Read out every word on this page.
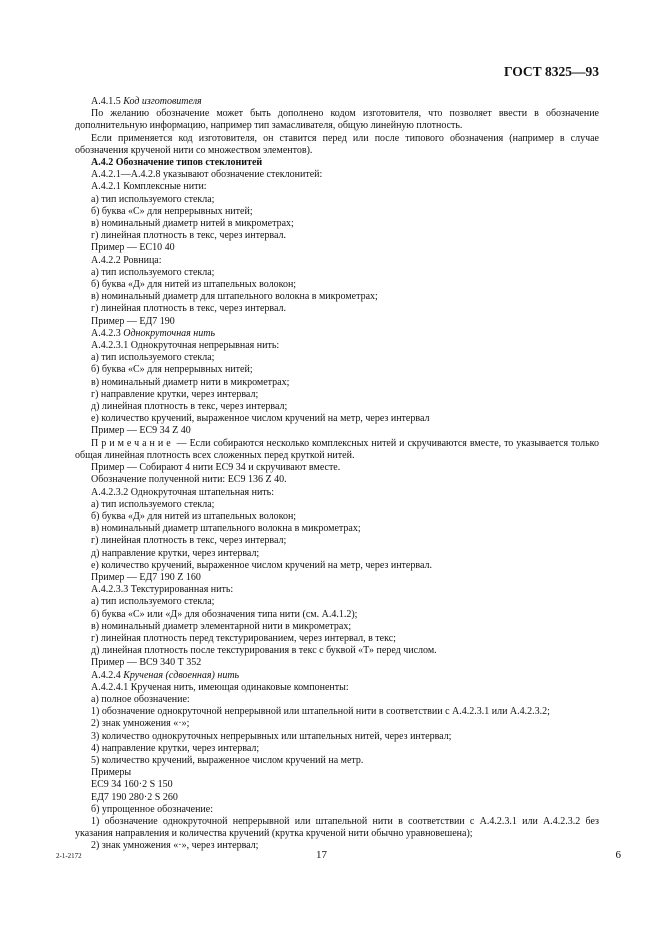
ГОСТ 8325—93

А.4.1.5 Код изготовителя

По желанию обозначение может быть дополнено кодом изготовителя, что позволяет ввести в обозначение дополнительную информацию, например тип замасливателя, общую линейную плотность.

Если применяется код изготовителя, он ставится перед или после типового обозначения (например в случае обозначения крученой нити со множеством элементов).

А.4.2 Обозначение типов стеклонитей

А.4.2.1—А.4.2.8 указывают обозначение стеклонитей:

А.4.2.1 Комплексные нити:

а) тип используемого стекла;

б) буква «С» для непрерывных нитей;

в) номинальный диаметр нитей в микрометрах;

г) линейная плотность в текс, через интервал.

Пример — ЕС10 40

А.4.2.2 Ровница:

а) тип используемого стекла;

б) буква «Д» для нитей из штапельных волокон;

в) номинальный диаметр для штапельного волокна в микрометрах;

г) линейная плотность в текс, через интервал.

Пример — ЕД7 190

А.4.2.3 Однокруточная нить

А.4.2.3.1 Однокруточная непрерывная нить:

а) тип используемого стекла;

б) буква «С» для непрерывных нитей;

в) номинальный диаметр нити в микрометрах;

г) направление крутки, через интервал;

д) линейная плотность в текс, через интервал;

е) количество кручений, выраженное числом кручений на метр, через интервал

Пример — ЕС9 34 Z 40

Примечание — Если собираются несколько комплексных нитей и скручиваются вместе, то указывается только общая линейная плотность всех сложенных перед круткой нитей.

Пример — Собирают 4 нити ЕС9 34 и скручивают вместе.

Обозначение полученной нити: ЕС9 136 Z 40.

А.4.2.3.2 Однокруточная штапельная нить:

а) тип используемого стекла;

б) буква «Д» для нитей из штапельных волокон;

в) номинальный диаметр штапельного волокна в микрометрах;

г) линейная плотность в текс, через интервал;

д) направление крутки, через интервал;

е) количество кручений, выраженное числом кручений на метр, через интервал.

Пример — ЕД7 190 Z 160

А.4.2.3.3 Текстурированная нить:

а) тип используемого стекла;

б) буква «С» или «Д» для обозначения типа нити (см. А.4.1.2);

в) номинальный диаметр элементарной нити в микрометрах;

г) линейная плотность перед текстурированием, через интервал, в текс;

д) линейная плотность после текстурирования в текс с буквой «Т» перед числом.

Пример — ВС9 340 Т 352

А.4.2.4 Крученая (сдвоенная) нить

А.4.2.4.1 Крученая нить, имеющая одинаковые компоненты:

а) полное обозначение:

1) обозначение однокруточной непрерывной или штапельной нити в соответствии с А.4.2.3.1 или А.4.2.3.2;

2) знак умножения «·»;

3) количество однокруточных непрерывных или штапельных нитей, через интервал;

4) направление крутки, через интервал;

5) количество кручений, выраженное числом кручений на метр.

Примеры

ЕС9 34 160·2 S 150

ЕД7 190 280·2 S 260

б) упрощенное обозначение:

1) обозначение однокруточной непрерывной или штапельной нити в соответствии с А.4.2.3.1 или А.4.2.3.2 без указания направления и количества кручений (крутка крученой нити обычно уравновешена);

2) знак умножения «·», через интервал;

2-1-2172	17	6
